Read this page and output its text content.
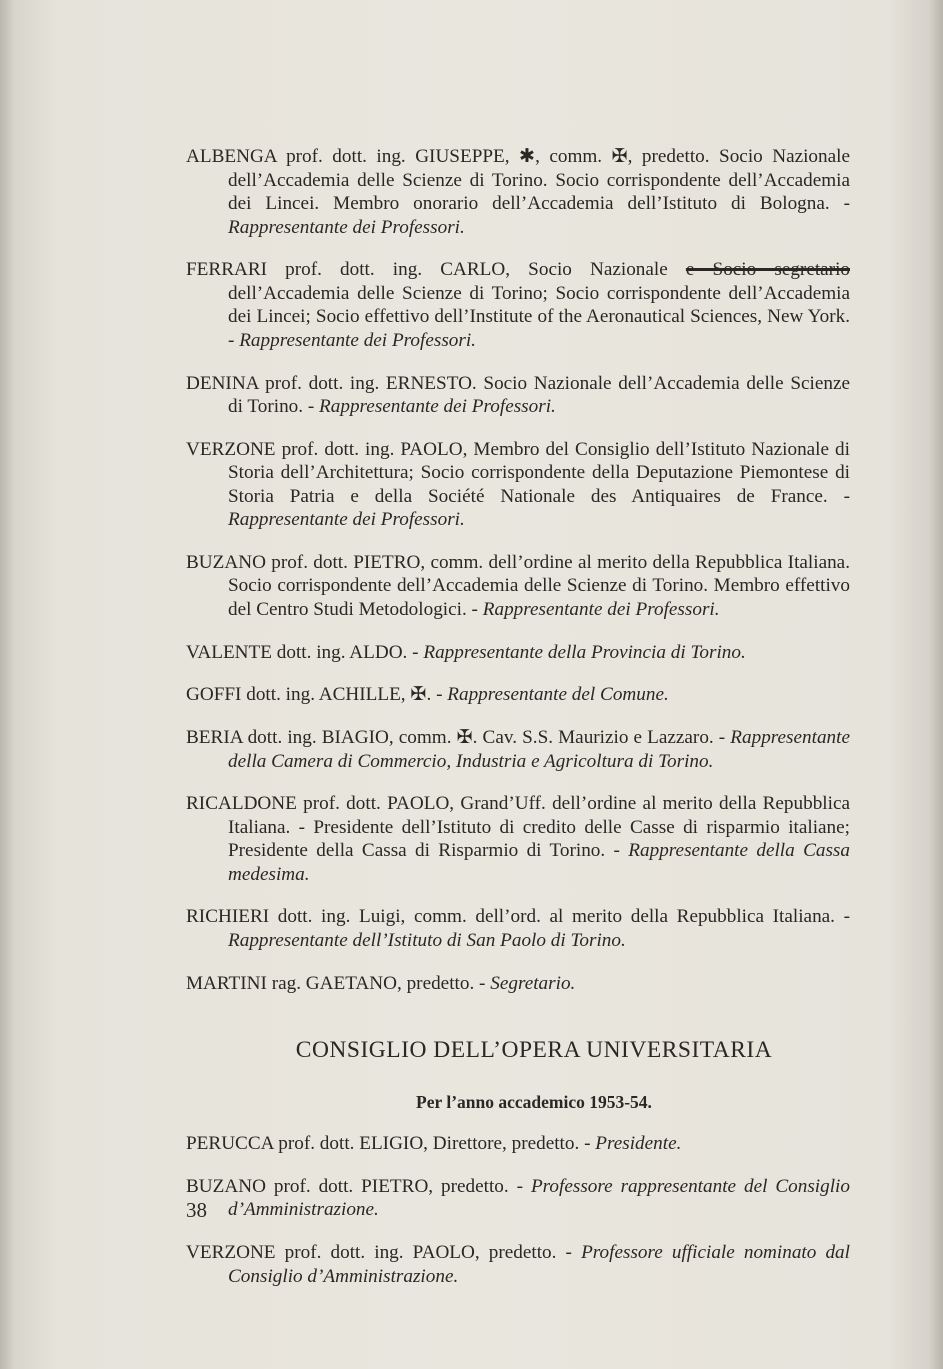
ALBENGA prof. dott. ing. GIUSEPPE, ✱, comm. ✠, predetto. Socio Nazionale dell’Accademia delle Scienze di Torino. Socio corrispondente dell’Accademia dei Lincei. Membro onorario dell’Accademia dell’Istituto di Bologna. - Rappresentante dei Professori.

FERRARI prof. dott. ing. CARLO, Socio Nazionale e Socio segretario dell’Accademia delle Scienze di Torino; Socio corrispondente dell’Accademia dei Lincei; Socio effettivo dell’Institute of the Aeronautical Sciences, New York. - Rappresentante dei Professori.

DENINA prof. dott. ing. ERNESTO. Socio Nazionale dell’Accademia delle Scienze di Torino. - Rappresentante dei Professori.

VERZONE prof. dott. ing. PAOLO, Membro del Consiglio dell’Istituto Nazionale di Storia dell’Architettura; Socio corrispondente della Deputazione Piemontese di Storia Patria e della Société Nationale des Antiquaires de France. - Rappresentante dei Professori.

BUZANO prof. dott. PIETRO, comm. dell’ordine al merito della Repubblica Italiana. Socio corrispondente dell’Accademia delle Scienze di Torino. Membro effettivo del Centro Studi Metodologici. - Rappresentante dei Professori.

VALENTE dott. ing. ALDO. - Rappresentante della Provincia di Torino.

GOFFI dott. ing. ACHILLE, ✠. - Rappresentante del Comune.

BERIA dott. ing. BIAGIO, comm. ✠. Cav. S.S. Maurizio e Lazzaro. - Rappresentante della Camera di Commercio, Industria e Agricoltura di Torino.

RICALDONE prof. dott. PAOLO, Grand’Uff. dell’ordine al merito della Repubblica Italiana. - Presidente dell’Istituto di credito delle Casse di risparmio italiane; Presidente della Cassa di Risparmio di Torino. - Rappresentante della Cassa medesima.

RICHIERI dott. ing. Luigi, comm. dell’ord. al merito della Repubblica Italiana. - Rappresentante dell’Istituto di San Paolo di Torino.

MARTINI rag. GAETANO, predetto. - Segretario.

CONSIGLIO DELL’OPERA UNIVERSITARIA
Per l’anno accademico 1953-54.

PERUCCA prof. dott. ELIGIO, Direttore, predetto. - Presidente.

BUZANO prof. dott. PIETRO, predetto. - Professore rappresentante del Consiglio d’Amministrazione.

VERZONE prof. dott. ing. PAOLO, predetto. - Professore ufficiale nominato dal Consiglio d’Amministrazione.

38
